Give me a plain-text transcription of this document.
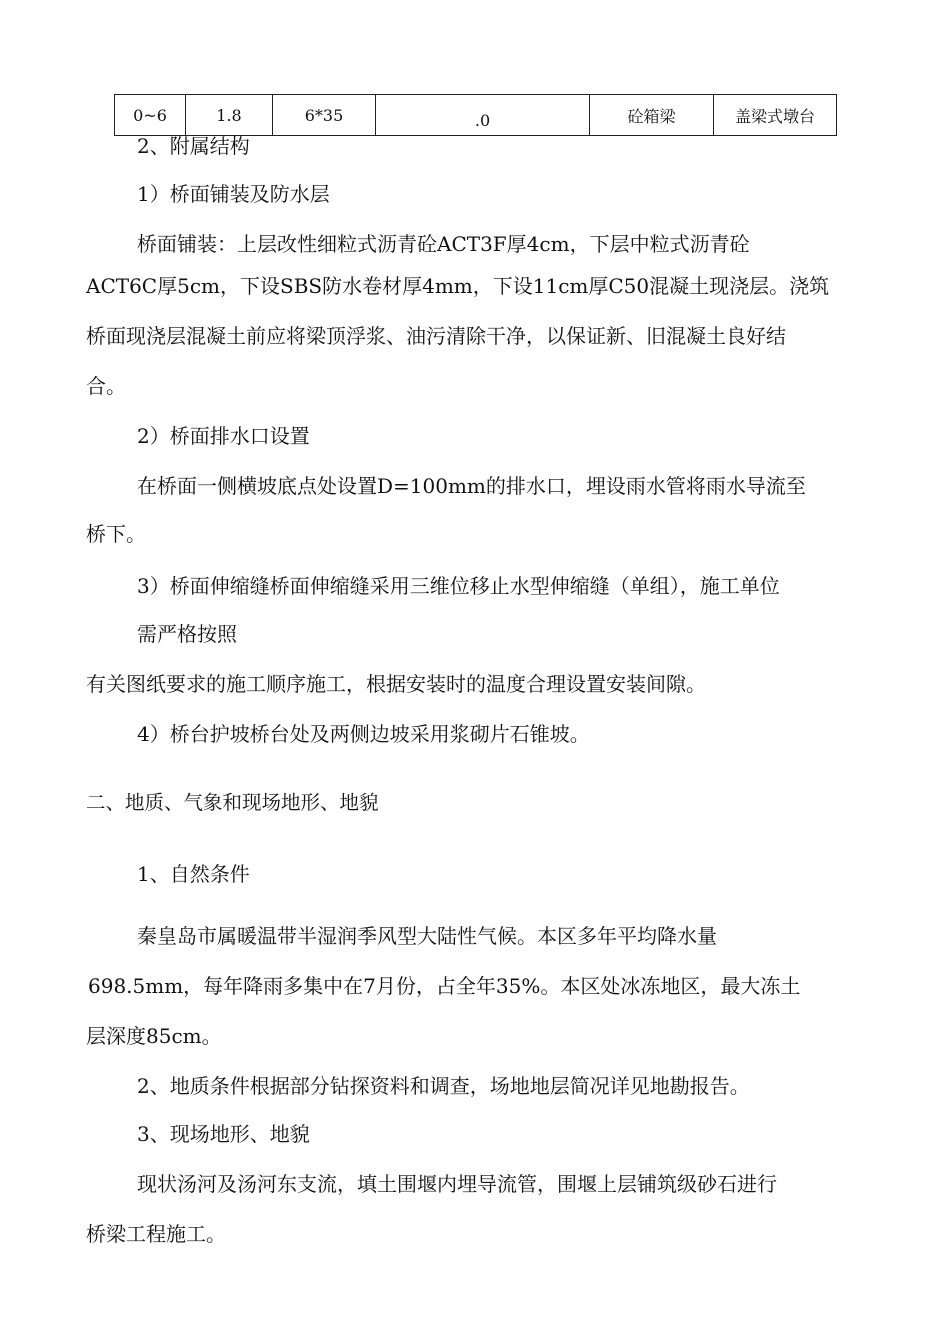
0~6	1.8	6*35	.0	砼箱梁	盖梁式墩台
2、附属结构
1）桥面铺装及防水层
桥面铺装：上层改性细粒式沥青砼ACT3F厚4cm，下层中粒式沥青砼
ACT6C厚5cm，下设SBS防水卷材厚4mm，下设11cm厚C50混凝土现浇层。浇筑
桥面现浇层混凝土前应将梁顶浮浆、油污清除干净，以保证新、旧混凝土良好结
合。
2）桥面排水口设置
在桥面一侧横坡底点处设置D=100mm的排水口，埋设雨水管将雨水导流至
桥下。
3）桥面伸缩缝桥面伸缩缝采用三维位移止水型伸缩缝（单组），施工单位
需严格按照
有关图纸要求的施工顺序施工，根据安装时的温度合理设置安装间隙。
4）桥台护坡桥台处及两侧边坡采用浆砌片石锥坡。
二、地质、气象和现场地形、地貌
1、自然条件
秦皇岛市属暖温带半湿润季风型大陆性气候。本区多年平均降水量
698.5mm，每年降雨多集中在7月份，占全年35%。本区处冰冻地区，最大冻土
层深度85cm。
2、地质条件根据部分钻探资料和调查，场地地层简况详见地勘报告。
3、现场地形、地貌
现状汤河及汤河东支流，填土围堰内埋导流管，围堰上层铺筑级砂石进行
桥梁工程施工。
